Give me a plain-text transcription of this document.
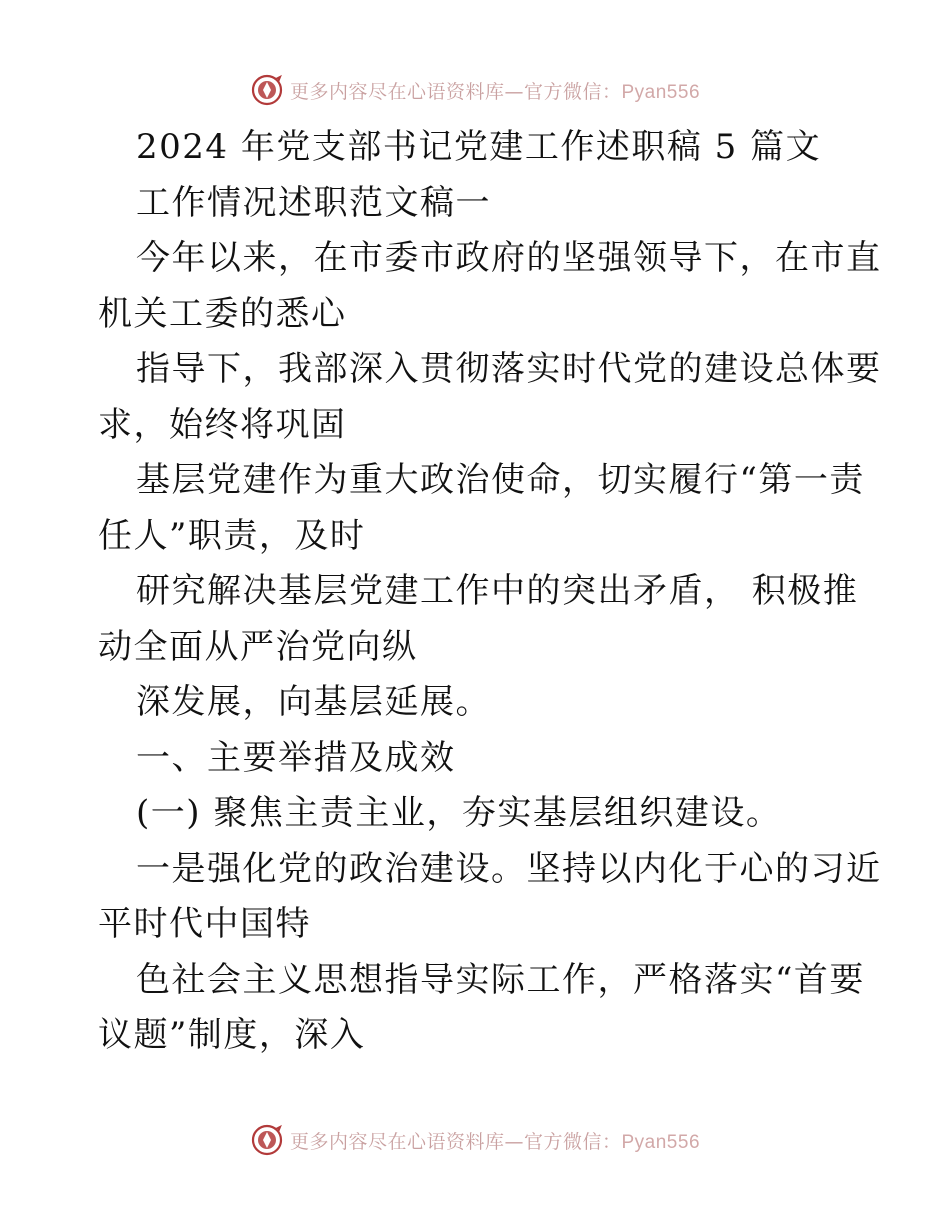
更多内容尽在心语资料库—官方微信：Pyan556
2024 年党支部书记党建工作述职稿 5 篇文
工作情况述职范文稿一
今年以来，在市委市政府的坚强领导下，在市直
机关工委的悉心
指导下，我部深入贯彻落实时代党的建设总体要
求，始终将巩固
基层党建作为重大政治使命，切实履行“第一责
任人”职责，及时
研究解决基层党建工作中的突出矛盾， 积极推
动全面从严治党向纵
深发展，向基层延展。
一、主要举措及成效
(一) 聚焦主责主业，夯实基层组织建设。
一是强化党的政治建设。坚持以内化于心的习近
平时代中国特
色社会主义思想指导实际工作，严格落实“首要
议题”制度，深入
更多内容尽在心语资料库—官方微信：Pyan556
